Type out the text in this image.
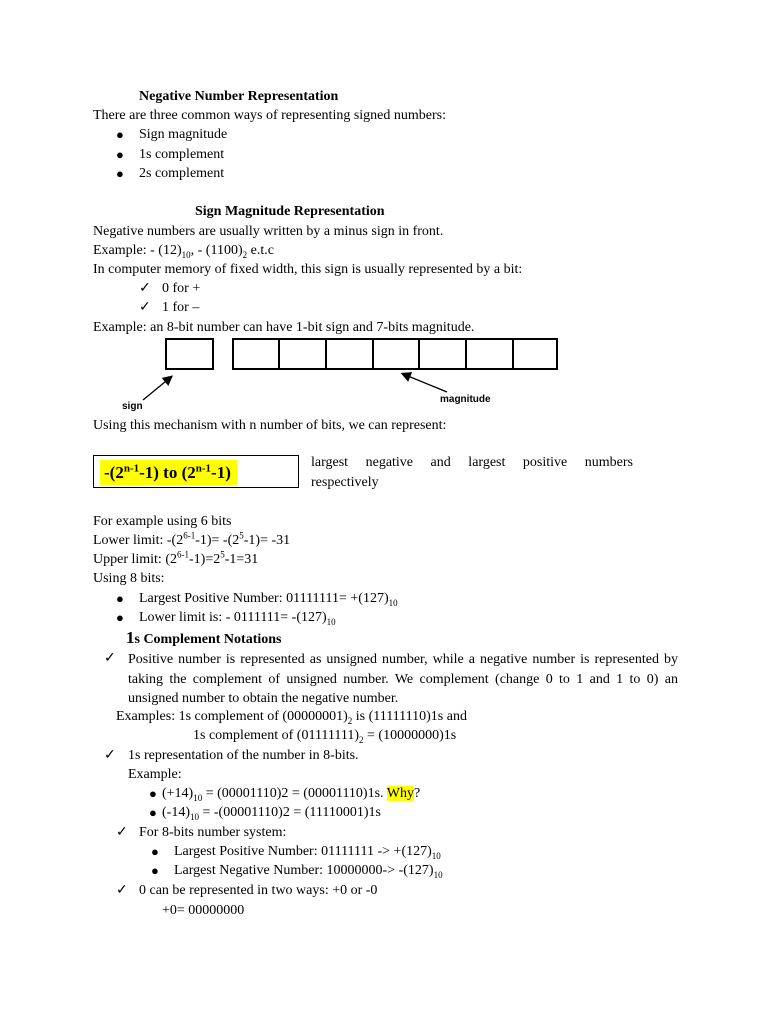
Negative Number Representation
There are three common ways of representing signed numbers:
● Sign magnitude
● 1s complement
● 2s complement
Sign Magnitude Representation
Negative numbers are usually written by a minus sign in front.
Example: - $(12)_{10}$, - $(1100)_2$ e.t.c
In computer memory of fixed width, this sign is usually represented by a bit:
✓ 0 for +
✓ 1 for –
Example: an 8-bit number can have 1-bit sign and 7-bits magnitude.
sign
magnitude
Using this mechanism with n number of bits, we can represent:
-(2$^{n-1}$-1) to (2$^{n-1}$-1)
largest negative and largest positive numbers
respectively
For example using 6 bits
Lower limit: $-(2^{6-1}-1)= -(2^5-1)= -31$
Upper limit: $(2^{6-1}-1)=2^5-1=31$
Using 8 bits:
● Largest Positive Number: $01111111= +(127)_{10}$
● Lower limit is: - $0111111= -(127)_{10}$
1s Complement Notations
✓ Positive number is represented as unsigned number, while a negative number is represented by taking the complement of unsigned number. We complement (change 0 to 1 and 1 to 0) an unsigned number to obtain the negative number.
Examples: 1s complement of $(00000001)_2$ is (11111110)1s and
1s complement of $(01111111)_2 = (10000000)1s$
✓ 1s representation of the number in 8-bits.
Example:
● $(+14)_{10} = (00001110)2 = (00001110)1s$. Why?
● $(-14)_{10} = -(00001110)2 = (11110001)1s$
✓ For 8-bits number system:
● Largest Positive Number: $01111111 -> +(127)_{10}$
● Largest Negative Number: $10000000-> -(127)_{10}$
✓ 0 can be represented in two ways: +0 or -0
+0= 00000000
